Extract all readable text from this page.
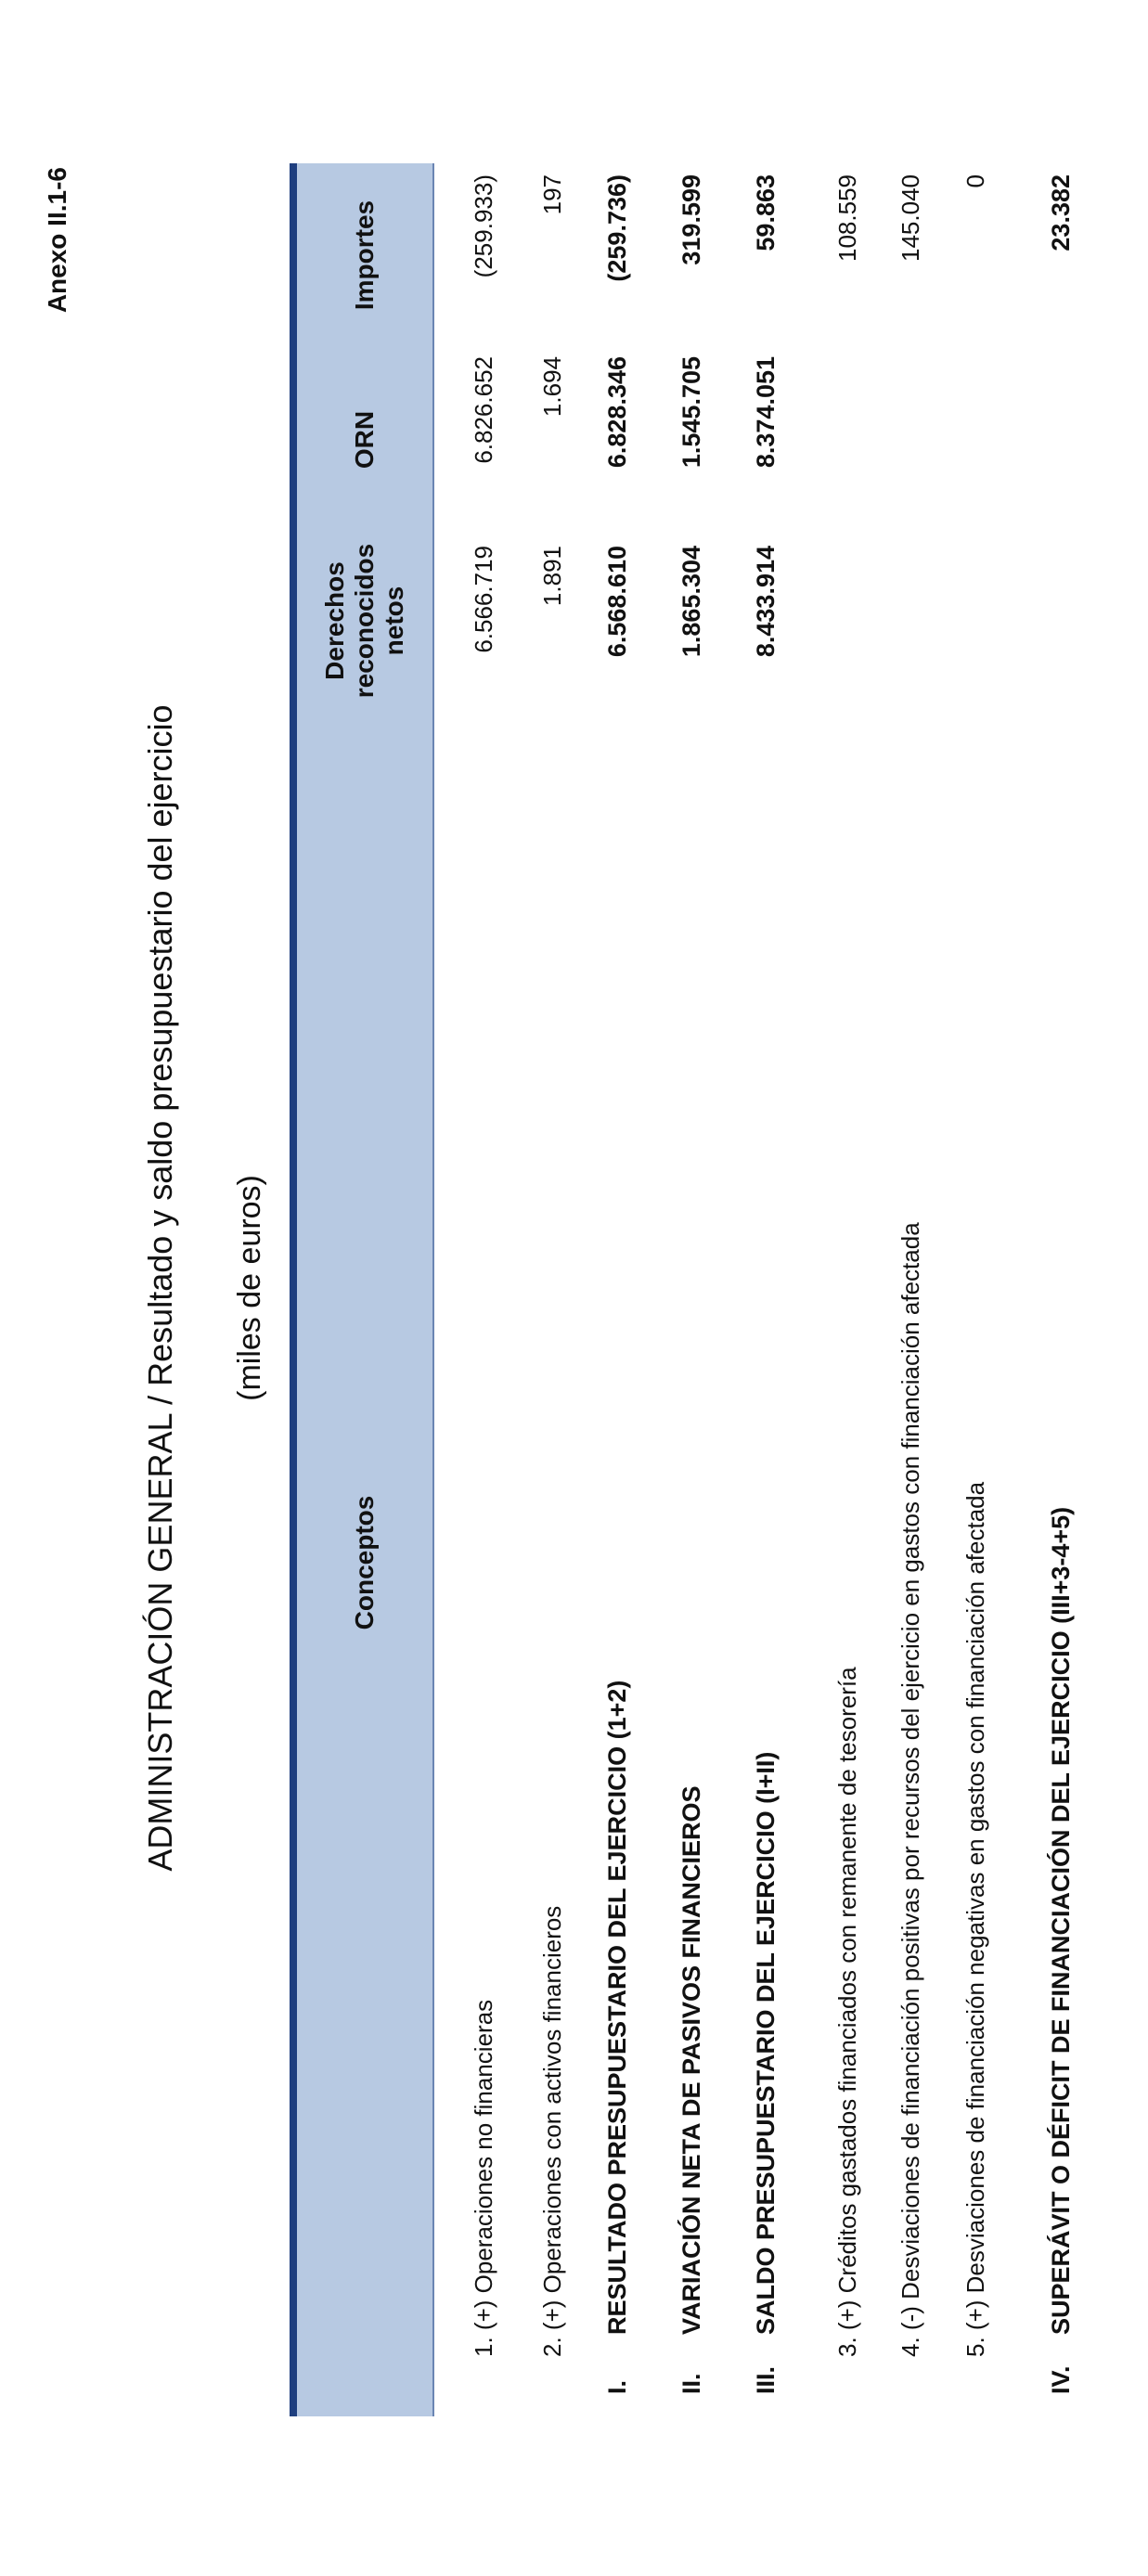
Anexo II.1-6
ADMINISTRACIÓN GENERAL / Resultado y saldo presupuestario del ejercicio (miles de euros)
Conceptos
Derechos reconocidos netos
ORN
Importes
1. (+) Operaciones no financieras
6.566.719
6.826.652
(259.933)
2. (+) Operaciones con activos financieros
1.891
1.694
197
I.RESULTADO PRESUPUESTARIO DEL EJERCICIO (1+2)
6.568.610
6.828.346
(259.736)
II.VARIACIÓN NETA DE PASIVOS FINANCIEROS
1.865.304
1.545.705
319.599
III.SALDO PRESUPUESTARIO DEL EJERCICIO (I+II)
8.433.914
8.374.051
59.863
3. (+) Créditos gastados financiados con remanente de tesorería
108.559
4. (-) Desviaciones de financiación positivas por recursos del ejercicio en gastos con financiación afectada
145.040
5. (+) Desviaciones de financiación negativas en gastos con financiación afectada
0
IV.SUPERÁVIT O DÉFICIT DE FINANCIACIÓN DEL EJERCICIO (III+3-4+5)
23.382
